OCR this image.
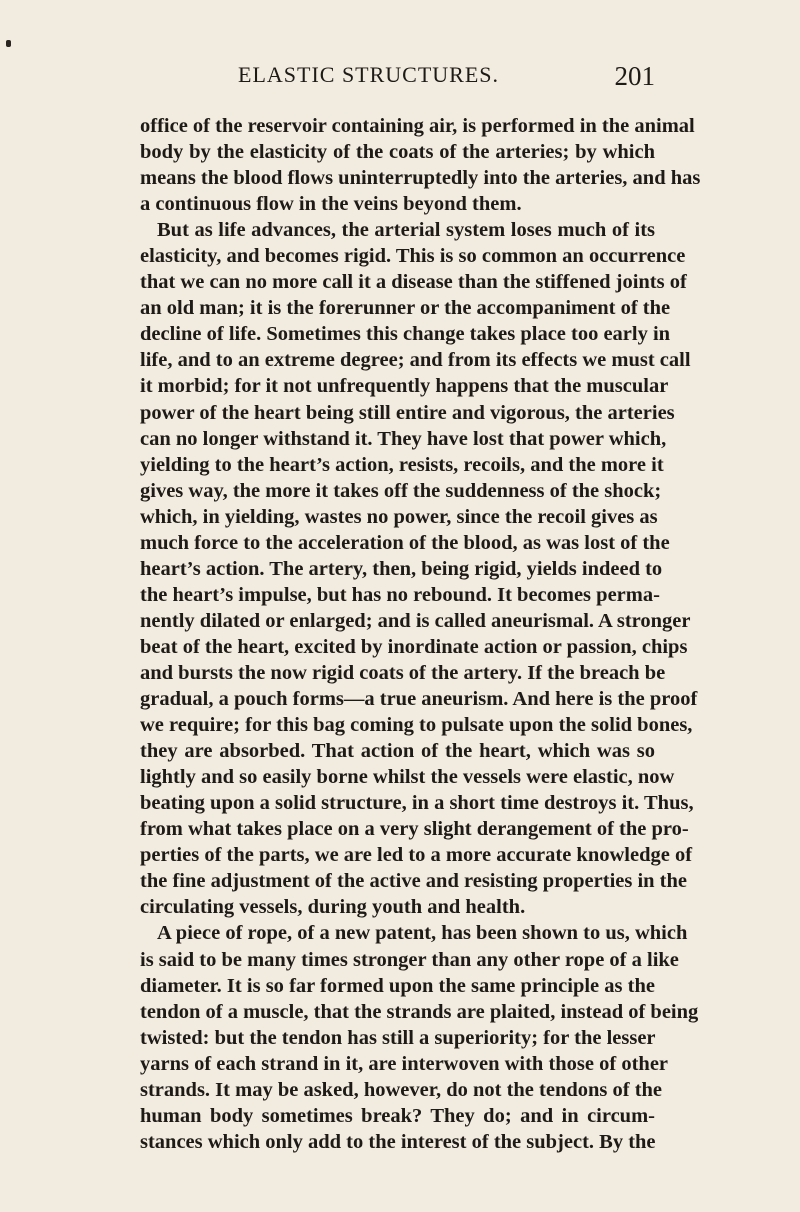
ELASTIC STRUCTURES.	201
office of the reservoir containing air, is performed in the animal
body by the elasticity of the coats of the arteries; by which
means the blood flows uninterruptedly into the arteries, and has
a continuous flow in the veins beyond them.
But as life advances, the arterial system loses much of its
elasticity, and becomes rigid. This is so common an occurrence
that we can no more call it a disease than the stiffened joints of
an old man; it is the forerunner or the accompaniment of the
decline of life. Sometimes this change takes place too early in
life, and to an extreme degree; and from its effects we must call
it morbid; for it not unfrequently happens that the muscular
power of the heart being still entire and vigorous, the arteries
can no longer withstand it. They have lost that power which,
yielding to the heart’s action, resists, recoils, and the more it
gives way, the more it takes off the suddenness of the shock;
which, in yielding, wastes no power, since the recoil gives as
much force to the acceleration of the blood, as was lost of the
heart’s action. The artery, then, being rigid, yields indeed to
the heart’s impulse, but has no rebound. It becomes perma-
nently dilated or enlarged; and is called aneurismal. A stronger
beat of the heart, excited by inordinate action or passion, chips
and bursts the now rigid coats of the artery. If the breach be
gradual, a pouch forms—a true aneurism. And here is the proof
we require; for this bag coming to pulsate upon the solid bones,
they are absorbed. That action of the heart, which was so
lightly and so easily borne whilst the vessels were elastic, now
beating upon a solid structure, in a short time destroys it. Thus,
from what takes place on a very slight derangement of the pro-
perties of the parts, we are led to a more accurate knowledge of
the fine adjustment of the active and resisting properties in the
circulating vessels, during youth and health.
A piece of rope, of a new patent, has been shown to us, which
is said to be many times stronger than any other rope of a like
diameter. It is so far formed upon the same principle as the
tendon of a muscle, that the strands are plaited, instead of being
twisted: but the tendon has still a superiority; for the lesser
yarns of each strand in it, are interwoven with those of other
strands. It may be asked, however, do not the tendons of the
human body sometimes break? They do; and in circum-
stances which only add to the interest of the subject. By the
